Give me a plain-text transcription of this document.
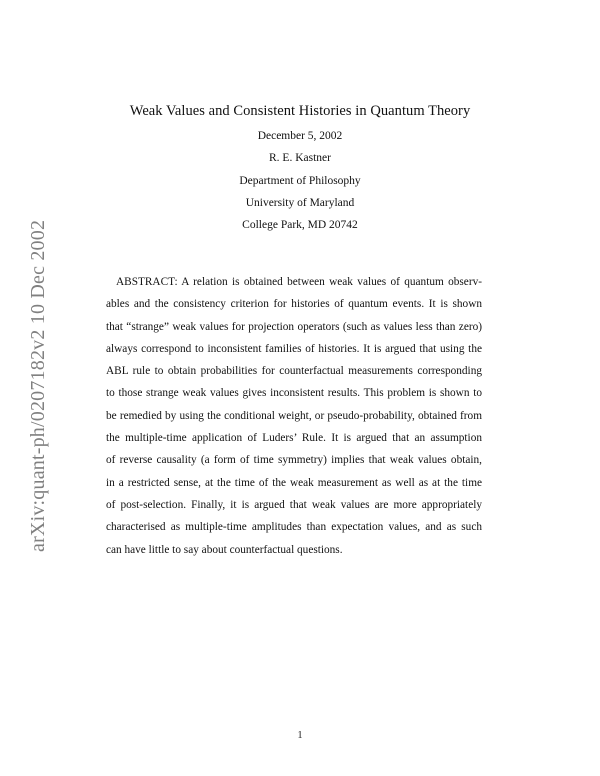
arXiv:quant-ph/0207182v2 10 Dec 2002
Weak Values and Consistent Histories in Quantum Theory
December 5, 2002
R. E. Kastner
Department of Philosophy
University of Maryland
College Park, MD 20742
ABSTRACT: A relation is obtained between weak values of quantum observ-
ables and the consistency criterion for histories of quantum events. It is shown
that “strange” weak values for projection operators (such as values less than zero)
always correspond to inconsistent families of histories. It is argued that using the
ABL rule to obtain probabilities for counterfactual measurements corresponding
to those strange weak values gives inconsistent results. This problem is shown to
be remedied by using the conditional weight, or pseudo-probability, obtained from
the multiple-time application of Luders’ Rule. It is argued that an assumption
of reverse causality (a form of time symmetry) implies that weak values obtain,
in a restricted sense, at the time of the weak measurement as well as at the time
of post-selection. Finally, it is argued that weak values are more appropriately
characterised as multiple-time amplitudes than expectation values, and as such
can have little to say about counterfactual questions.
1
